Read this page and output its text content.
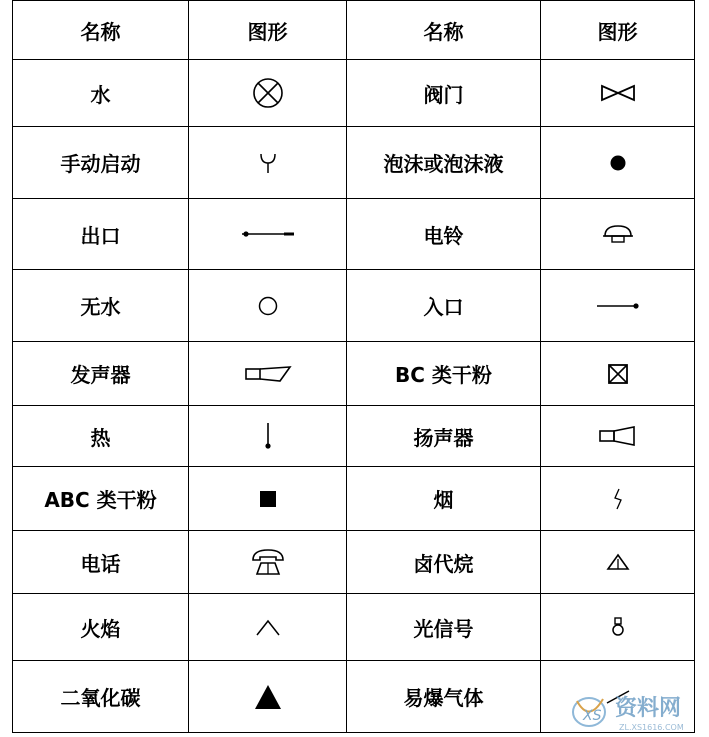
名称	图形	名称	图形
水		阀门	

手动启动		泡沫或泡沫液	

出口		电铃	

无水		入口	

发声器		BC 类干粉	

热		扬声器	

ABC 类干粉		烟	

电话		卤代烷	

火焰		光信号	

二氧化碳		易爆气体	
XS 资料网
ZL.XS1616.COM
